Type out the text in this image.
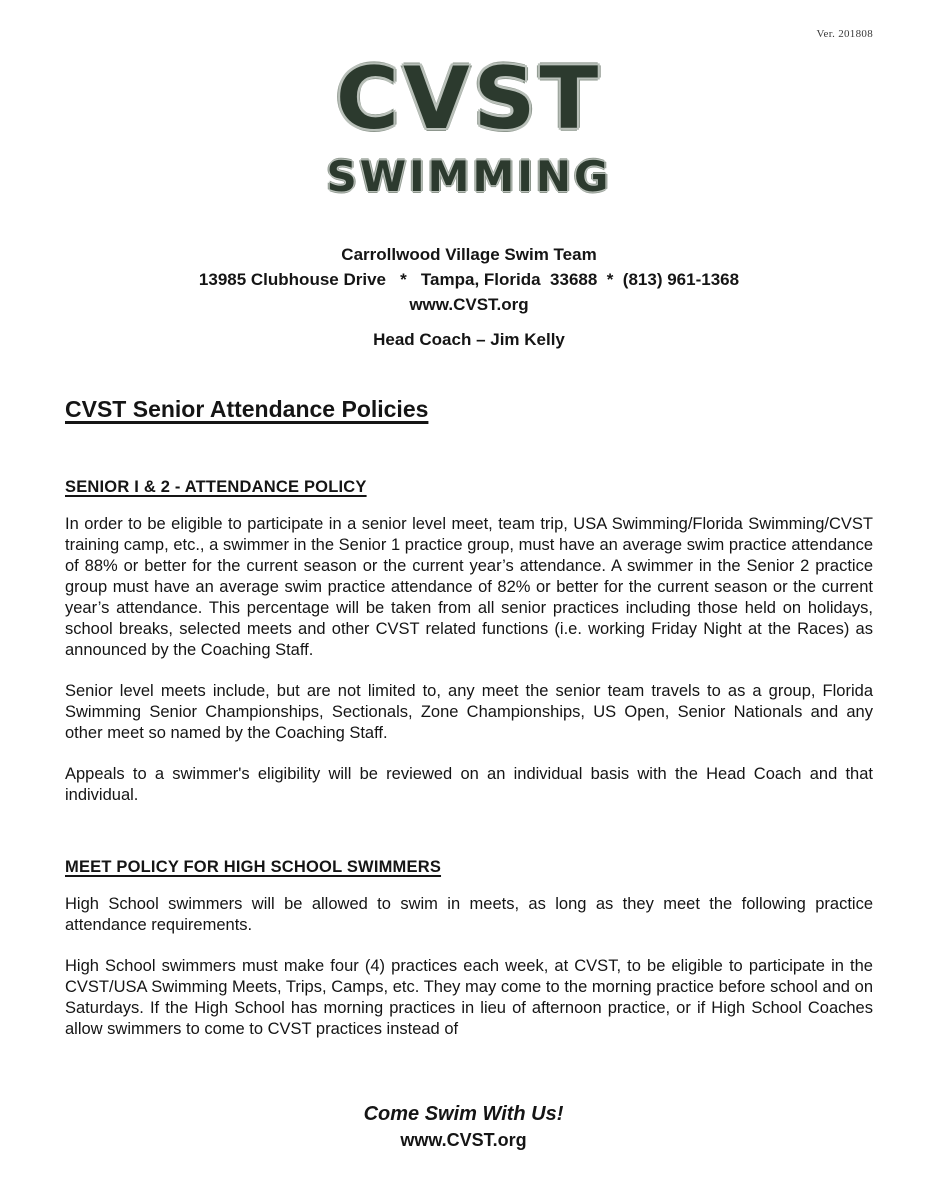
Ver. 201808
CVST
SWIMMING
Carrollwood Village Swim Team
13985 Clubhouse Drive   *   Tampa, Florida  33688  *  (813) 961-1368
www.CVST.org
Head Coach – Jim Kelly
CVST Senior Attendance Policies
SENIOR I & 2 - ATTENDANCE POLICY

In order to be eligible to participate in a senior level meet, team trip, USA Swimming/Florida Swimming/CVST training camp, etc., a swimmer in the Senior 1 practice group, must have an average swim practice attendance of 88% or better for the current season or the current year’s attendance. A swimmer in the Senior 2 practice group must have an average swim practice attendance of 82% or better for the current season or the current year’s attendance. This percentage will be taken from all senior practices including those held on holidays, school breaks, selected meets and other CVST related functions (i.e. working Friday Night at the Races) as announced by the Coaching Staff.

Senior level meets include, but are not limited to, any meet the senior team travels to as a group, Florida Swimming Senior Championships, Sectionals, Zone Championships, US Open, Senior Nationals and any other meet so named by the Coaching Staff.

Appeals to a swimmer's eligibility will be reviewed on an individual basis with the Head Coach and that individual.

MEET POLICY FOR HIGH SCHOOL SWIMMERS

High School swimmers will be allowed to swim in meets, as long as they meet the following practice attendance requirements.

High School swimmers must make four (4) practices each week, at CVST, to be eligible to participate in the CVST/USA Swimming Meets, Trips, Camps, etc. They may come to the morning practice before school and on Saturdays. If the High School has morning practices in lieu of afternoon practice, or if High School Coaches allow swimmers to come to CVST practices instead of

Come Swim With Us!
www.CVST.org
